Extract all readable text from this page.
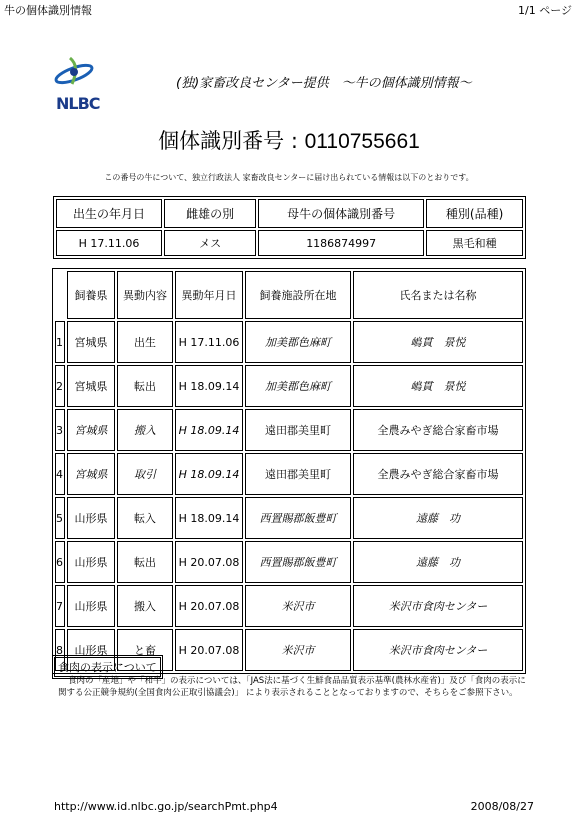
牛の個体識別情報	1/1 ページ
NLBC
(独)家畜改良センター提供　～牛の個体識別情報～
個体識別番号 : 0110755661
この番号の牛について、独立行政法人 家畜改良センターに届け出られている情報は以下のとおりです。
出生の年月日	雌雄の別	母牛の個体識別番号	種別(品種)
H 17.11.06	メス	1186874997	黒毛和種
	飼養県	異動内容	異動年月日	飼養施設所在地	氏名または名称
1	宮城県	出生	H 17.11.06	加美郡色麻町	嶋貫　景悦
2	宮城県	転出	H 18.09.14	加美郡色麻町	嶋貫　景悦
3	宮城県	搬入	H 18.09.14	遠田郡美里町	全農みやぎ総合家畜市場
4	宮城県	取引	H 18.09.14	遠田郡美里町	全農みやぎ総合家畜市場
5	山形県	転入	H 18.09.14	西置賜郡飯豊町	遠藤　功
6	山形県	転出	H 20.07.08	西置賜郡飯豊町	遠藤　功
7	山形県	搬入	H 20.07.08	米沢市	米沢市食肉センター
8	山形県	と畜	H 20.07.08	米沢市	米沢市食肉センター
食肉の表示について
食肉の「産地」や「和牛」の表示については、「JAS法に基づく生鮮食品品質表示基準(農林水産省)」及び「食肉の表示に関する公正競争規約(全国食肉公正取引協議会)」 により表示されることとなっておりますので、そちらをご参照下さい。
http://www.id.nlbc.go.jp/searchPmt.php4	2008/08/27
